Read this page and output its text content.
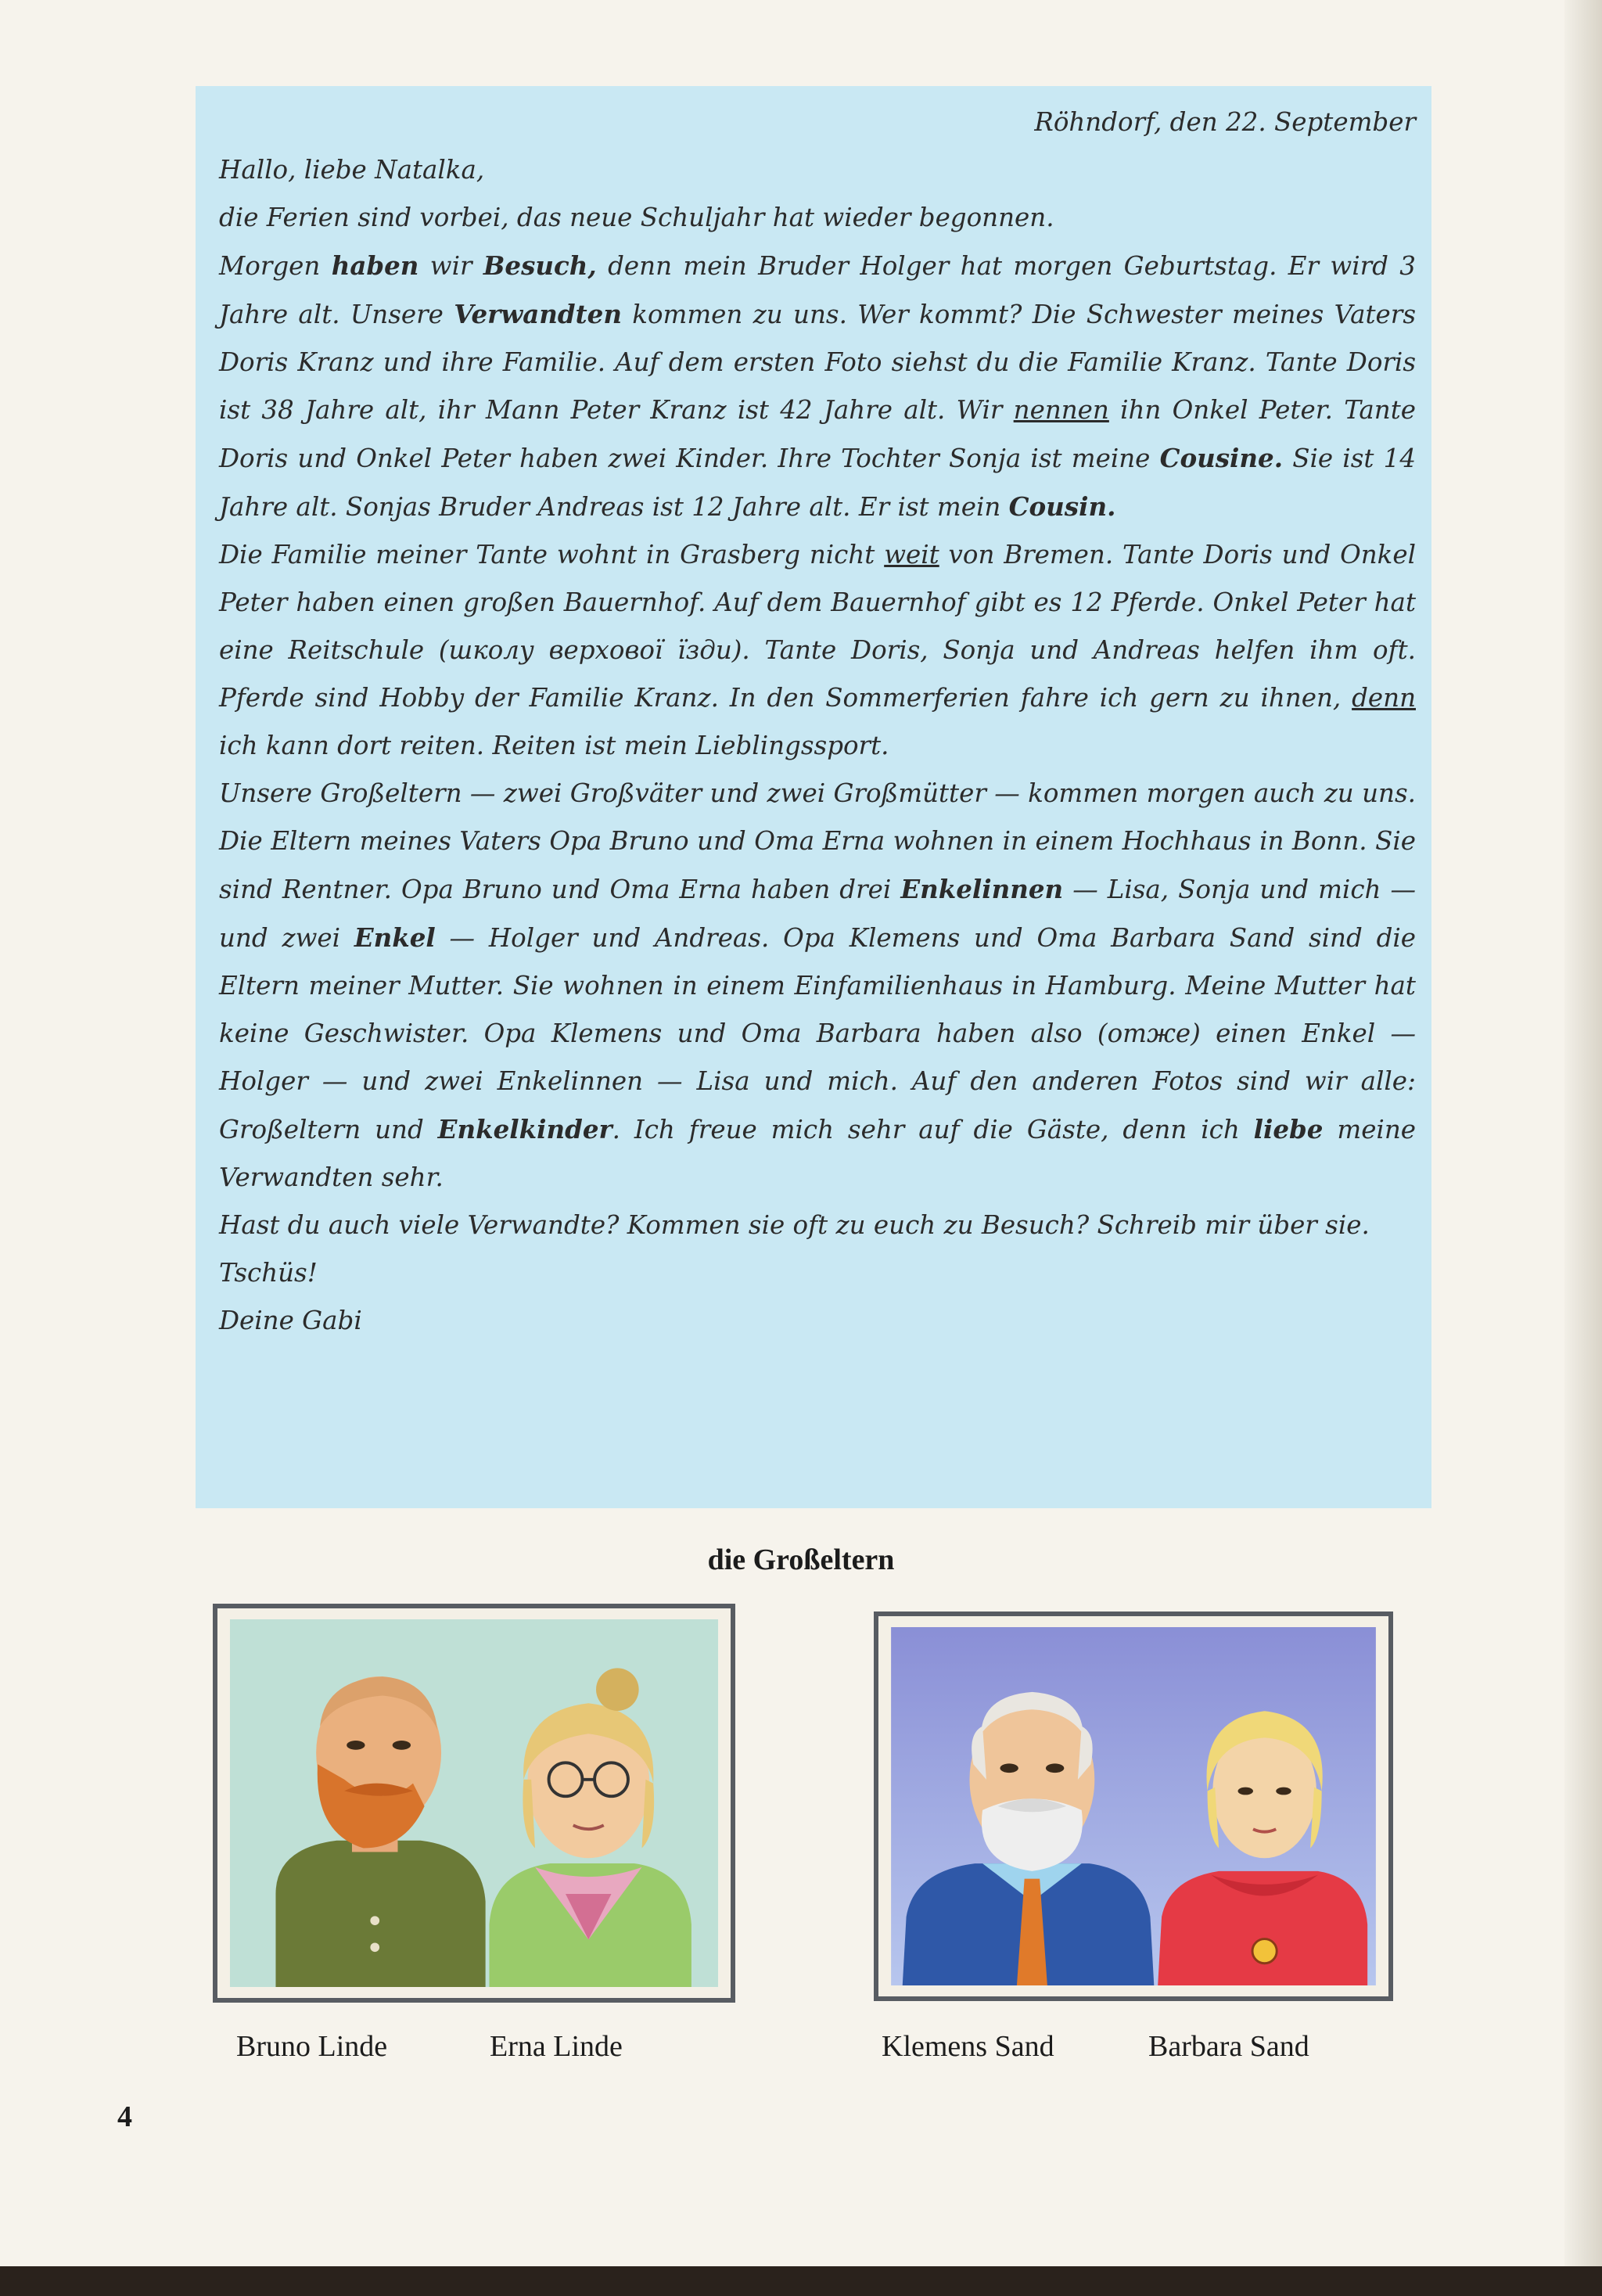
Röhndorf, den 22. September

Hallo, liebe Natalka,

die Ferien sind vorbei, das neue Schuljahr hat wieder begonnen.

Morgen haben wir Besuch, denn mein Bruder Holger hat morgen Geburtstag. Er wird 3 Jahre alt. Unsere Verwandten kommen zu uns. Wer kommt? Die Schwester meines Vaters Doris Kranz und ihre Familie. Auf dem ersten Foto siehst du die Familie Kranz. Tante Doris ist 38 Jahre alt, ihr Mann Peter Kranz ist 42 Jahre alt. Wir nennen ihn Onkel Peter. Tante Doris und Onkel Peter haben zwei Kinder. Ihre Tochter Sonja ist meine Cousine. Sie ist 14 Jahre alt. Sonjas Bruder Andreas ist 12 Jahre alt. Er ist mein Cousin.

Die Familie meiner Tante wohnt in Grasberg nicht weit von Bremen. Tante Doris und Onkel Peter haben einen großen Bauernhof. Auf dem Bauernhof gibt es 12 Pferde. Onkel Peter hat eine Reitschule (школу верхової їзди). Tante Doris, Sonja und Andreas helfen ihm oft. Pferde sind Hobby der Familie Kranz. In den Sommerferien fahre ich gern zu ihnen, denn ich kann dort reiten. Reiten ist mein Lieblingssport.

Unsere Großeltern — zwei Großväter und zwei Großmütter — kommen morgen auch zu uns. Die Eltern meines Vaters Opa Bruno und Oma Erna wohnen in einem Hochhaus in Bonn. Sie sind Rentner. Opa Bruno und Oma Erna haben drei Enkelinnen — Lisa, Sonja und mich — und zwei Enkel — Holger und Andreas. Opa Klemens und Oma Barbara Sand sind die Eltern meiner Mutter. Sie wohnen in einem Einfamilienhaus in Hamburg. Meine Mutter hat keine Geschwister. Opa Klemens und Oma Barbara haben also (отже) einen Enkel — Holger — und zwei Enkelinnen — Lisa und mich. Auf den anderen Fotos sind wir alle: Großeltern und Enkelkinder. Ich freue mich sehr auf die Gäste, denn ich liebe meine Verwandten sehr.

Hast du auch viele Verwandte? Kommen sie oft zu euch zu Besuch? Schreib mir über sie.

Tschüs!

Deine Gabi

die Großeltern
Bruno Linde	Erna Linde	Klemens Sand	Barbara Sand
4
